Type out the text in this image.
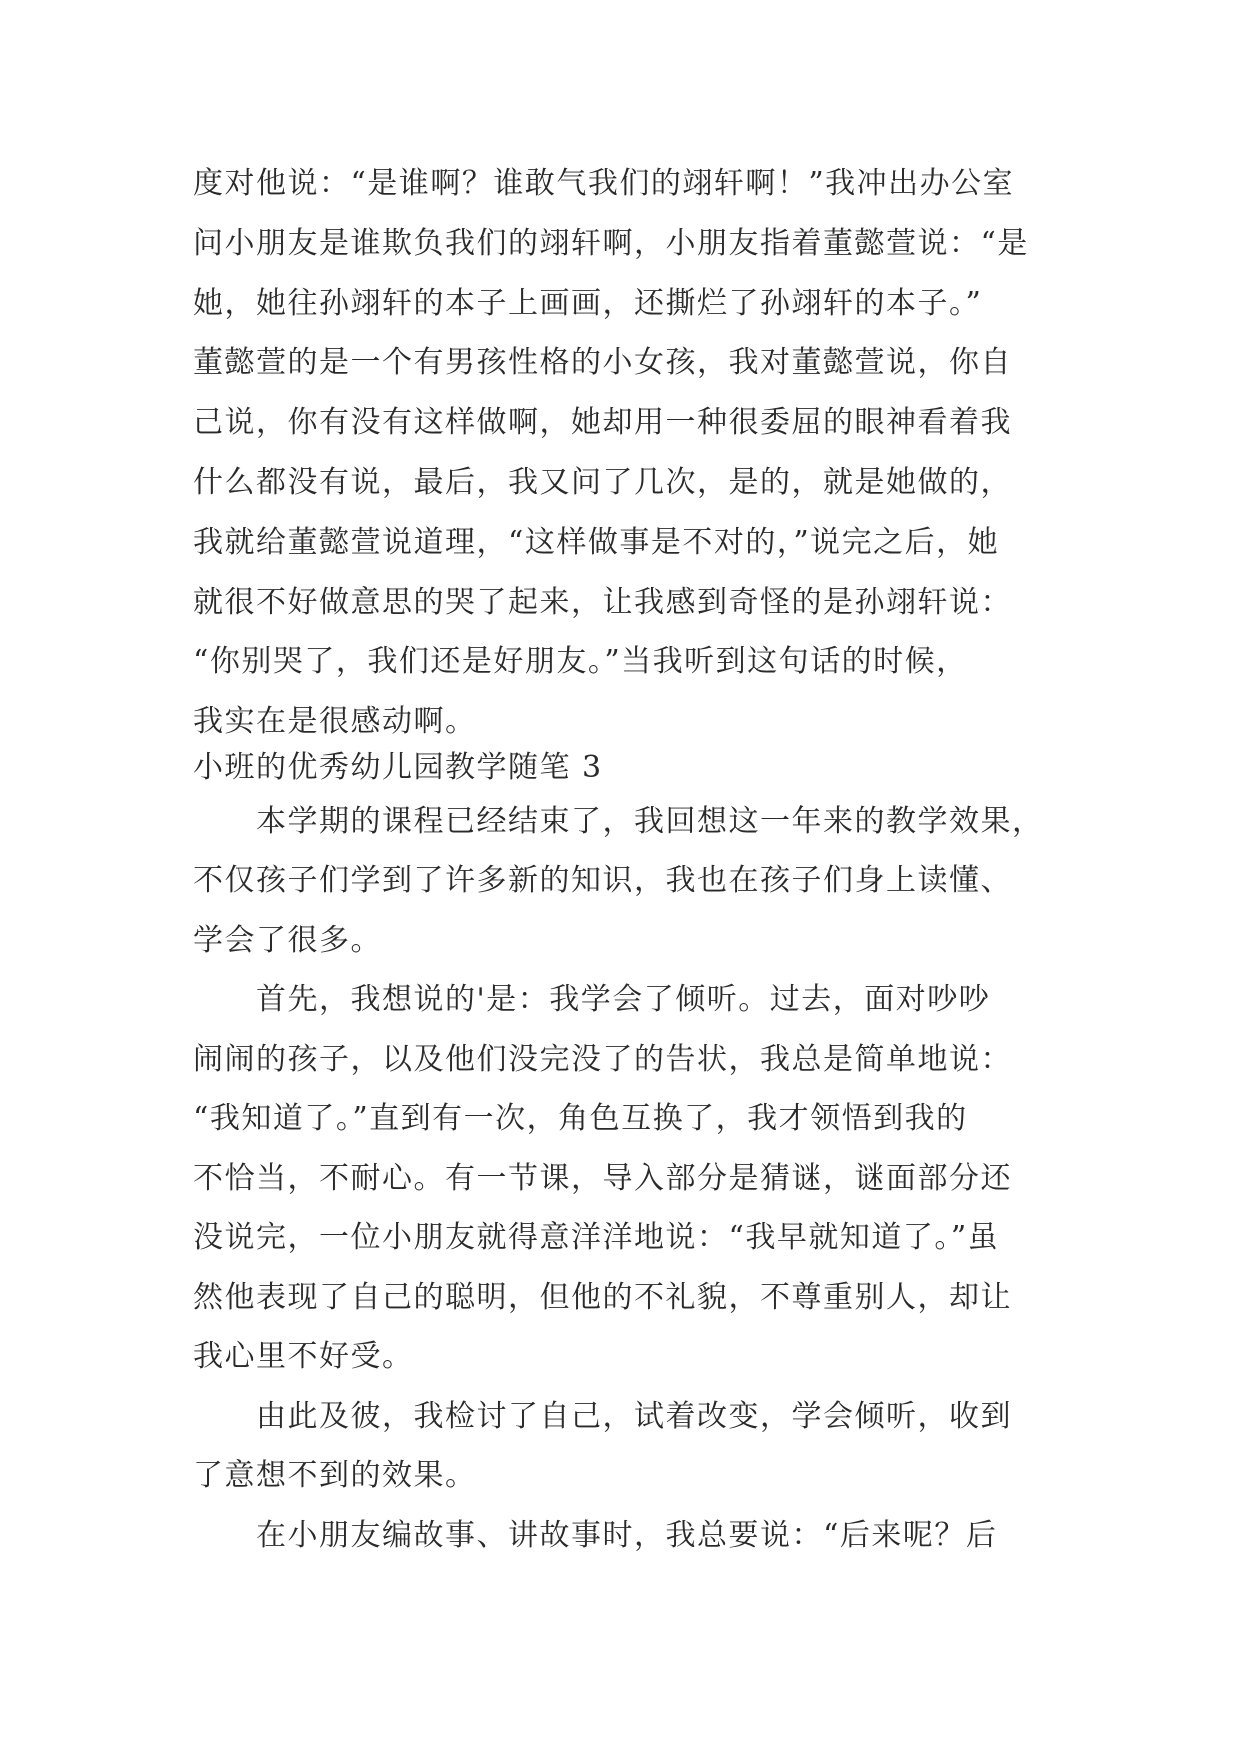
度对他说：“是谁啊？谁敢气我们的翊轩啊！”我冲出办公室
问小朋友是谁欺负我们的翊轩啊，小朋友指着董懿萱说：“是
她，她往孙翊轩的本子上画画，还撕烂了孙翊轩的本子。”
董懿萱的是一个有男孩性格的小女孩，我对董懿萱说，你自
己说，你有没有这样做啊，她却用一种很委屈的眼神看着我
什么都没有说，最后，我又问了几次，是的，就是她做的，
我就给董懿萱说道理，“这样做事是不对的，”说完之后，她
就很不好做意思的哭了起来，让我感到奇怪的是孙翊轩说：
“你别哭了，我们还是好朋友。”当我听到这句话的时候，
我实在是很感动啊。
小班的优秀幼儿园教学随笔 3
本学期的课程已经结束了，我回想这一年来的教学效果，
不仅孩子们学到了许多新的知识，我也在孩子们身上读懂、
学会了很多。
首先，我想说的'是：我学会了倾听。过去，面对吵吵
闹闹的孩子，以及他们没完没了的告状，我总是简单地说：
“我知道了。”直到有一次，角色互换了，我才领悟到我的
不恰当，不耐心。有一节课，导入部分是猜谜，谜面部分还
没说完，一位小朋友就得意洋洋地说：“我早就知道了。”虽
然他表现了自己的聪明，但他的不礼貌，不尊重别人，却让
我心里不好受。
由此及彼，我检讨了自己，试着改变，学会倾听，收到
了意想不到的效果。
在小朋友编故事、讲故事时，我总要说：“后来呢？后
